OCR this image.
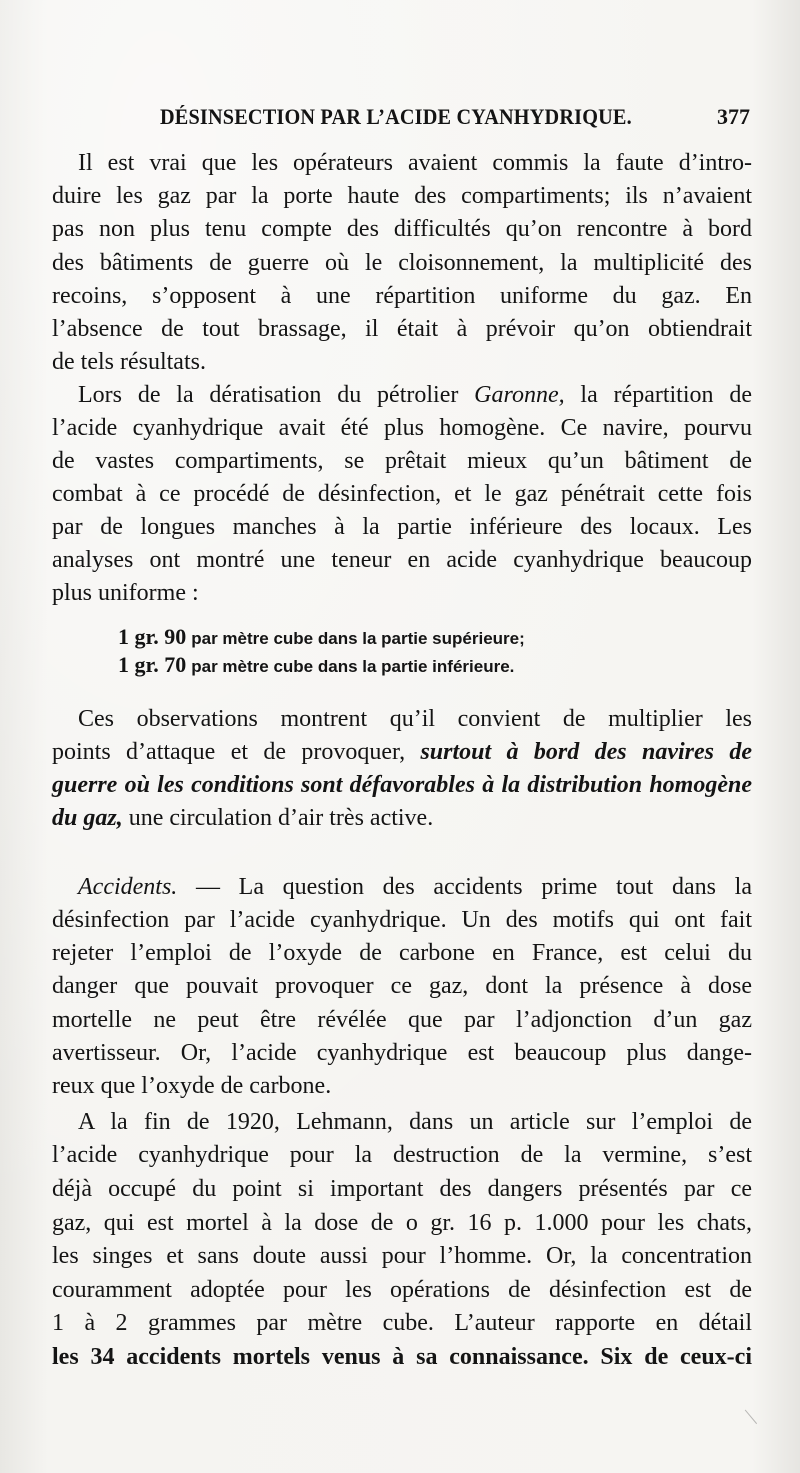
DÉSINSECTION PAR L’ACIDE CYANHYDRIQUE.	377
Il est vrai que les opérateurs avaient commis la faute d’intro-
duire les gaz par la porte haute des compartiments; ils n’avaient
pas non plus tenu compte des difficultés qu’on rencontre à bord
des bâtiments de guerre où le cloisonnement, la multiplicité des
recoins, s’opposent à une répartition uniforme du gaz. En
l’absence de tout brassage, il était à prévoir qu’on obtiendrait
de tels résultats.
Lors de la dératisation du pétrolier Garonne, la répartition de
l’acide cyanhydrique avait été plus homogène. Ce navire, pourvu
de vastes compartiments, se prêtait mieux qu’un bâtiment de
combat à ce procédé de désinfection, et le gaz pénétrait cette fois
par de longues manches à la partie inférieure des locaux. Les
analyses ont montré une teneur en acide cyanhydrique beaucoup
plus uniforme :
1 gr. 90 par mètre cube dans la partie supérieure;
1 gr. 70 par mètre cube dans la partie inférieure.
Ces observations montrent qu’il convient de multiplier les
points d’attaque et de provoquer, surtout à bord des navires de
guerre où les conditions sont défavorables à la distribution homogène
du gaz, une circulation d’air très active.
Accidents. — La question des accidents prime tout dans la
désinfection par l’acide cyanhydrique. Un des motifs qui ont fait
rejeter l’emploi de l’oxyde de carbone en France, est celui du
danger que pouvait provoquer ce gaz, dont la présence à dose
mortelle ne peut être révélée que par l’adjonction d’un gaz
avertisseur. Or, l’acide cyanhydrique est beaucoup plus dange-
reux que l’oxyde de carbone.
A la fin de 1920, Lehmann, dans un article sur l’emploi de
l’acide cyanhydrique pour la destruction de la vermine, s’est
déjà occupé du point si important des dangers présentés par ce
gaz, qui est mortel à la dose de o gr. 16 p. 1.000 pour les chats,
les singes et sans doute aussi pour l’homme. Or, la concentration
couramment adoptée pour les opérations de désinfection est de
1 à 2 grammes par mètre cube. L’auteur rapporte en détail
les 34 accidents mortels venus à sa connaissance. Six de ceux-ci
